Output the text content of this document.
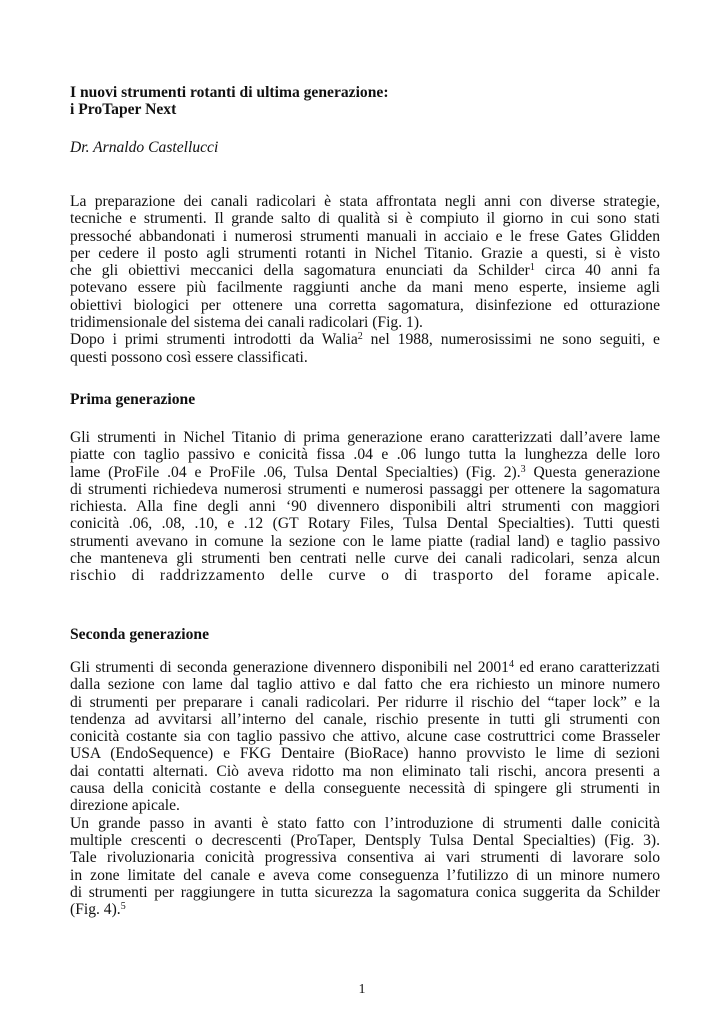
I nuovi strumenti rotanti di ultima generazione:
i ProTaper Next
Dr. Arnaldo Castellucci
La preparazione dei canali radicolari è stata affrontata negli anni con diverse strategie,
tecniche e strumenti. Il grande salto di qualità si è compiuto il giorno in cui sono stati
pressoché abbandonati i numerosi strumenti manuali in acciaio e le frese Gates Glidden
per cedere il posto agli strumenti rotanti in Nichel Titanio. Grazie a questi, si è visto
che gli obiettivi meccanici della sagomatura enunciati da Schilder$^1$ circa 40 anni fa
potevano essere più facilmente raggiunti anche da mani meno esperte, insieme agli
obiettivi biologici per ottenere una corretta sagomatura, disinfezione ed otturazione
tridimensionale del sistema dei canali radicolari (Fig. 1).
Dopo i primi strumenti introdotti da Walia$^2$ nel 1988, numerosissimi ne sono seguiti, e
questi possono così essere classificati.
Prima generazione
Gli strumenti in Nichel Titanio di prima generazione erano caratterizzati dall’avere lame
piatte con taglio passivo e conicità fissa .04 e .06 lungo tutta la lunghezza delle loro
lame (ProFile .04 e ProFile .06, Tulsa Dental Specialties) (Fig. 2).$^3$ Questa generazione
di strumenti richiedeva numerosi strumenti e numerosi passaggi per ottenere la sagomatura
richiesta. Alla fine degli anni ‘90 divennero disponibili altri strumenti con maggiori
conicità .06, .08, .10, e .12 (GT Rotary Files, Tulsa Dental Specialties). Tutti questi
strumenti avevano in comune la sezione con le lame piatte (radial land) e taglio passivo
che manteneva gli strumenti ben centrati nelle curve dei canali radicolari, senza alcun
rischio di raddrizzamento delle curve o di trasporto del forame apicale.
Seconda generazione
Gli strumenti di seconda generazione divennero disponibili nel 2001$^4$ ed erano caratterizzati
dalla sezione con lame dal taglio attivo e dal fatto che era richiesto un minore numero
di strumenti per preparare i canali radicolari. Per ridurre il rischio del “taper lock” e la
tendenza ad avvitarsi all’interno del canale, rischio presente in tutti gli strumenti con
conicità costante sia con taglio passivo che attivo, alcune case costruttrici come Brasseler
USA (EndoSequence) e FKG Dentaire (BioRace) hanno provvisto le lime di sezioni
dai contatti alternati. Ciò aveva ridotto ma non eliminato tali rischi, ancora presenti a
causa della conicità costante e della conseguente necessità di spingere gli strumenti in
direzione apicale.
Un grande passo in avanti è stato fatto con l’introduzione di strumenti dalle conicità
multiple crescenti o decrescenti (ProTaper, Dentsply Tulsa Dental Specialties) (Fig. 3).
Tale rivoluzionaria conicità progressiva consentiva ai vari strumenti di lavorare solo
in zone limitate del canale e aveva come conseguenza l’futilizzo di un minore numero
di strumenti per raggiungere in tutta sicurezza la sagomatura conica suggerita da Schilder
(Fig. 4).$^5$
1
